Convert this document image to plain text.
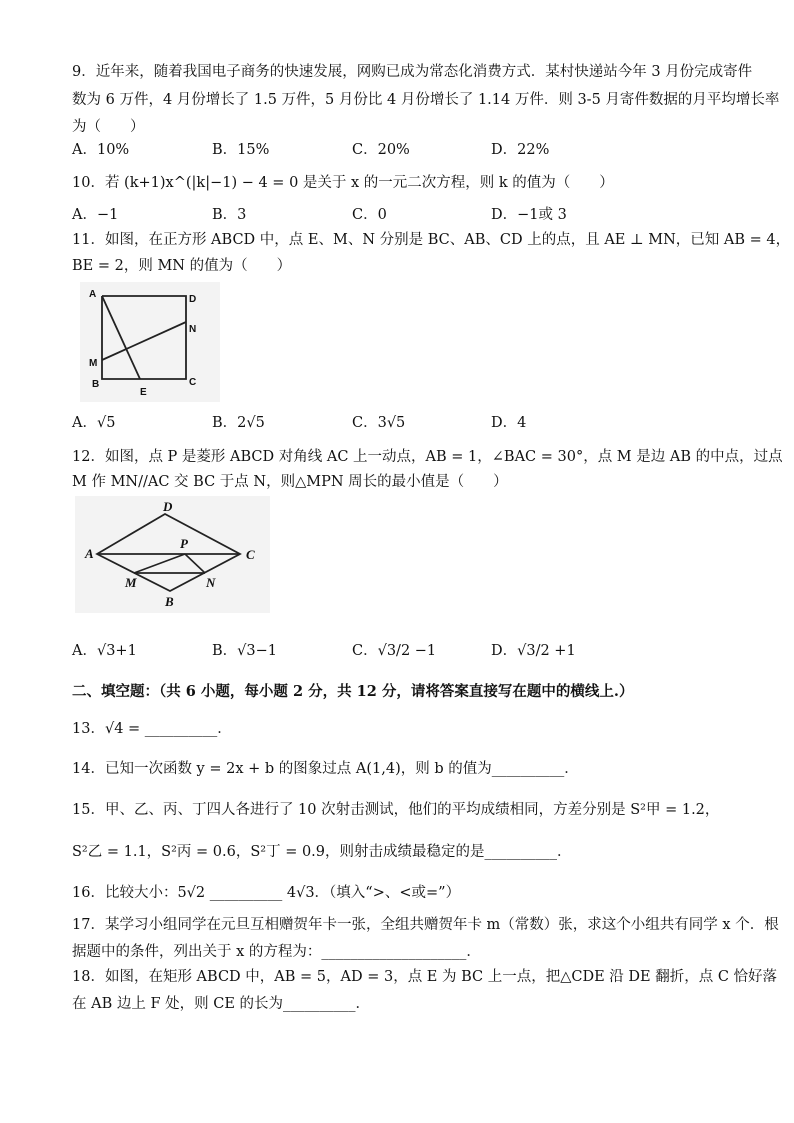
9．近年来，随着我国电子商务的快速发展，网购已成为常态化消费方式．某村快递站今年 3 月份完成寄件
数为 6 万件，4 月份增长了 1.5 万件，5 月份比 4 月份增长了 1.14 万件．则 3-5 月寄件数据的月平均增长率
为（　　）
A．10%	B．15%	C．20%	D．22%
10．若 (k+1)x^(|k|−1) − 4 = 0 是关于 x 的一元二次方程，则 k 的值为（　　）
A．−1	B．3	C．0	D．−1或 3
11．如图，在正方形 ABCD 中，点 E、M、N 分别是 BC、AB、CD 上的点，且 AE ⊥ MN，已知 AB = 4，
BE = 2，则 MN 的值为（　　）
A	D
N
M
B
E
C
A．√5	B．2√5	C．3√5	D．4
12．如图，点 P 是菱形 ABCD 对角线 AC 上一动点，AB = 1，∠BAC = 30°，点 M 是边 AB 的中点，过点
M 作 MN//AC 交 BC 于点 N，则△MPN 周长的最小值是（　　）
D
A
P
C
M	N
B
A．√3+1	B．√3−1	C．√3/2 −1	D．√3/2 +1
二、填空题：（共 6 小题，每小题 2 分，共 12 分，请将答案直接写在题中的横线上.）
13．√4 = __________．
14．已知一次函数 y = 2x + b 的图象过点 A(1,4)，则 b 的值为__________．
15．甲、乙、丙、丁四人各进行了 10 次射击测试，他们的平均成绩相同，方差分别是 S²甲 = 1.2，
S²乙 = 1.1，S²丙 = 0.6，S²丁 = 0.9，则射击成绩最稳定的是__________．
16．比较大小：5√2 __________ 4√3．（填入“>、<或=”）
17．某学习小组同学在元旦互相赠贺年卡一张，全组共赠贺年卡 m（常数）张，求这个小组共有同学 x 个．根
据题中的条件，列出关于 x 的方程为：____________________．
18．如图，在矩形 ABCD 中，AB = 5，AD = 3，点 E 为 BC 上一点，把△CDE 沿 DE 翻折，点 C 恰好落
在 AB 边上 F 处，则 CE 的长为__________．
